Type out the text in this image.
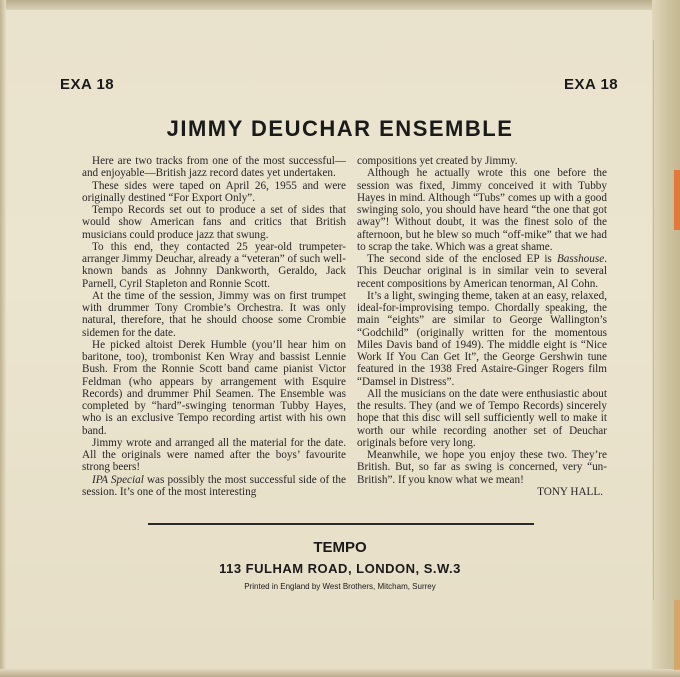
EXA 18	EXA 18
JIMMY DEUCHAR ENSEMBLE

Here are two tracks from one of the most successful—and enjoyable—British jazz record dates yet undertaken.

These sides were taped on April 26, 1955 and were originally destined “For Export Only”.

Tempo Records set out to produce a set of sides that would show American fans and critics that British musicians could produce jazz that swung.

To this end, they contacted 25 year-old trumpeter-arranger Jimmy Deuchar, already a “veteran” of such well-known bands as Johnny Dankworth, Geraldo, Jack Parnell, Cyril Stapleton and Ronnie Scott.

At the time of the session, Jimmy was on first trumpet with drummer Tony Crombie’s Orchestra. It was only natural, therefore, that he should choose some Crombie sidemen for the date.

He picked altoist Derek Humble (you’ll hear him on baritone, too), trombonist Ken Wray and bassist Lennie Bush. From the Ronnie Scott band came pianist Victor Feldman (who appears by arrangement with Esquire Records) and drummer Phil Seamen. The Ensemble was completed by “hard”-swinging tenorman Tubby Hayes, who is an exclusive Tempo recording artist with his own band.

Jimmy wrote and arranged all the material for the date. All the originals were named after the boys’ favourite strong beers!

IPA Special was possibly the most successful side of the session. It’s one of the most interesting

compositions yet created by Jimmy.

Although he actually wrote this one before the session was fixed, Jimmy conceived it with Tubby Hayes in mind. Although “Tubs” comes up with a good swinging solo, you should have heard “the one that got away”! Without doubt, it was the finest solo of the afternoon, but he blew so much “off-mike” that we had to scrap the take. Which was a great shame.

The second side of the enclosed EP is Basshouse. This Deuchar original is in similar vein to several recent compositions by American tenorman, Al Cohn.

It’s a light, swinging theme, taken at an easy, relaxed, ideal-for-improvising tempo. Chordally speaking, the main “eights” are similar to George Wallington’s “Godchild” (originally written for the momentous Miles Davis band of 1949). The middle eight is “Nice Work If You Can Get It”, the George Gershwin tune featured in the 1938 Fred Astaire-Ginger Rogers film “Damsel in Distress”.

All the musicians on the date were enthusiastic about the results. They (and we of Tempo Records) sincerely hope that this disc will sell sufficiently well to make it worth our while recording another set of Deuchar originals before very long.

Meanwhile, we hope you enjoy these two. They’re British. But, so far as swing is concerned, very “un-British”. If you know what we mean!

TONY HALL.

TEMPO
113 FULHAM ROAD, LONDON, S.W.3
Printed in England by West Brothers, Mitcham, Surrey
